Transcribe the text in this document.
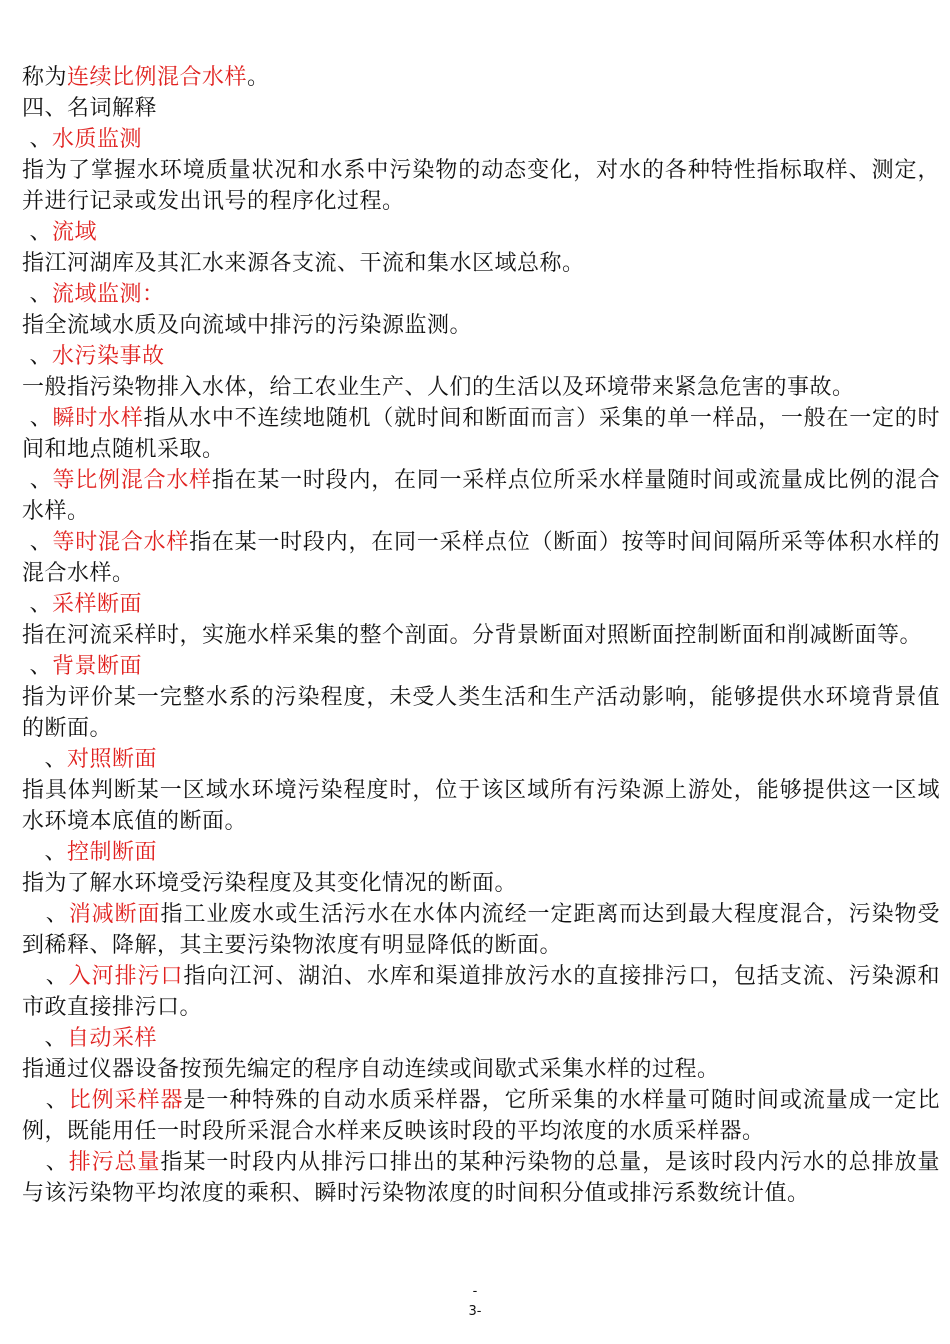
称为连续比例混合水样。

四、名词解释

、水质监测

指为了掌握水环境质量状况和水系中污染物的动态变化，对水的各种特性指标取样、测定，并进行记录或发出讯号的程序化过程。

、流域

指江河湖库及其汇水来源各支流、干流和集水区域总称。

、流域监测：

指全流域水质及向流域中排污的污染源监测。

、水污染事故

一般指污染物排入水体，给工农业生产、人们的生活以及环境带来紧急危害的事故。

、瞬时水样指从水中不连续地随机（就时间和断面而言）采集的单一样品，一般在一定的时间和地点随机采取。

、等比例混合水样指在某一时段内，在同一采样点位所采水样量随时间或流量成比例的混合水样。

、等时混合水样指在某一时段内，在同一采样点位（断面）按等时间间隔所采等体积水样的混合水样。

、采样断面

指在河流采样时，实施水样采集的整个剖面。分背景断面对照断面控制断面和削减断面等。

、背景断面

指为评价某一完整水系的污染程度，未受人类生活和生产活动影响，能够提供水环境背景值的断面。

、对照断面

指具体判断某一区域水环境污染程度时，位于该区域所有污染源上游处，能够提供这一区域水环境本底值的断面。

、控制断面

指为了解水环境受污染程度及其变化情况的断面。

、消减断面指工业废水或生活污水在水体内流经一定距离而达到最大程度混合，污染物受到稀释、降解，其主要污染物浓度有明显降低的断面。

、入河排污口指向江河、湖泊、水库和渠道排放污水的直接排污口，包括支流、污染源和市政直接排污口。

、自动采样

指通过仪器设备按预先编定的程序自动连续或间歇式采集水样的过程。

、比例采样器是一种特殊的自动水质采样器，它所采集的水样量可随时间或流量成一定比例，既能用任一时段所采混合水样来反映该时段的平均浓度的水质采样器。

、排污总量指某一时段内从排污口排出的某种污染物的总量，是该时段内污水的总排放量与该污染物平均浓度的乘积、瞬时污染物浓度的时间积分值或排污系数统计值。

-
3-
